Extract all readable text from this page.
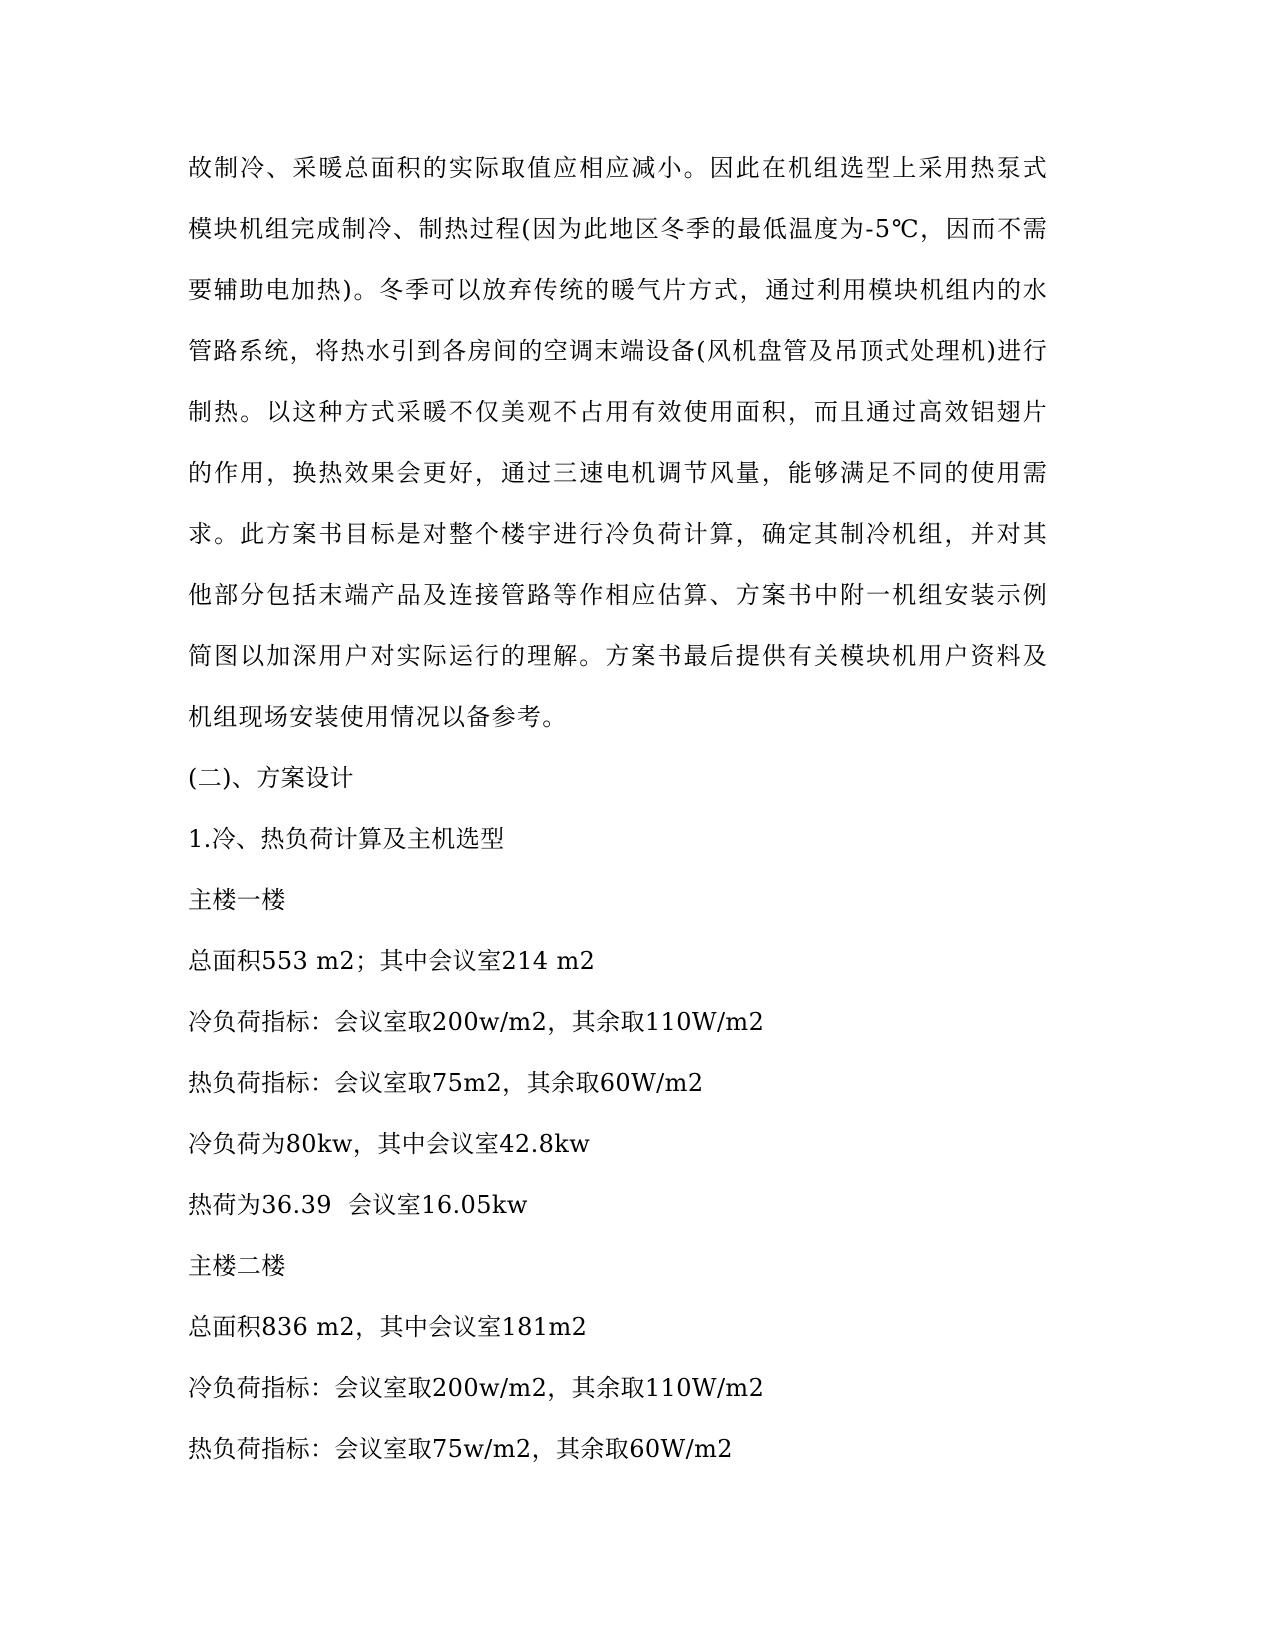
故制冷、采暖总面积的实际取值应相应减小。因此在机组选型上采用热泵式模块机组完成制冷、制热过程(因为此地区冬季的最低温度为-5℃，因而不需要辅助电加热)。冬季可以放弃传统的暖气片方式，通过利用模块机组内的水管路系统，将热水引到各房间的空调末端设备(风机盘管及吊顶式处理机)进行制热。以这种方式采暖不仅美观不占用有效使用面积，而且通过高效铝翅片的作用，换热效果会更好，通过三速电机调节风量，能够满足不同的使用需求。此方案书目标是对整个楼宇进行冷负荷计算，确定其制冷机组，并对其他部分包括末端产品及连接管路等作相应估算、方案书中附一机组安装示例简图以加深用户对实际运行的理解。方案书最后提供有关模块机用户资料及机组现场安装使用情况以备参考。

(二)、方案设计

1.冷、热负荷计算及主机选型

主楼一楼

总面积553 m2；其中会议室214 m2

冷负荷指标：会议室取200w/m2，其余取110W/m2

热负荷指标：会议室取75m2，其余取60W/m2

冷负荷为80kw，其中会议室42.8kw

热荷为36.39  会议室16.05kw

主楼二楼

总面积836 m2，其中会议室181m2

冷负荷指标：会议室取200w/m2，其余取110W/m2

热负荷指标：会议室取75w/m2，其余取60W/m2
